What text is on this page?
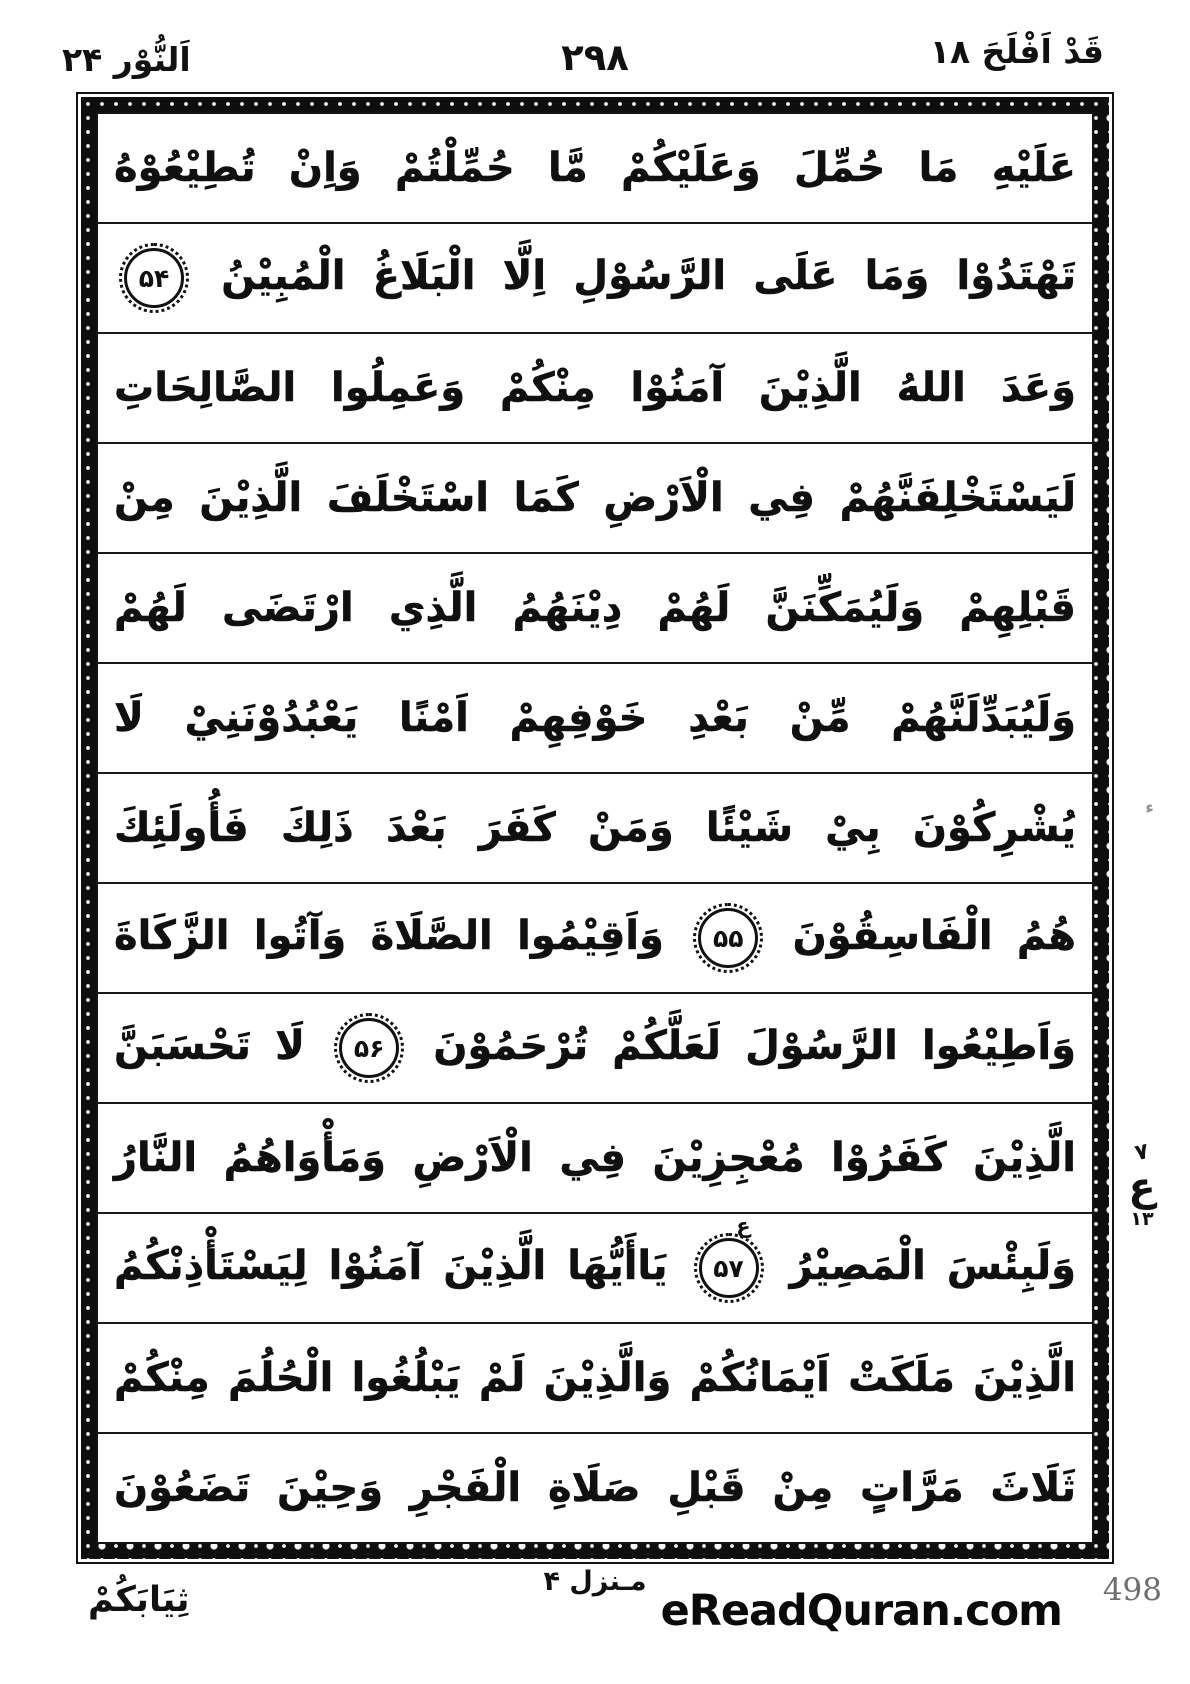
قَدْ اَفْلَحَ ١٨
۲۹۸
اَلنُّوْر ۲۴
عَلَيْهِ مَا حُمِّلَ وَعَلَيْكُمْ مَّا حُمِّلْتُمْ وَاِنْ تُطِيْعُوْهُ
تَهْتَدُوْا وَمَا عَلَى الرَّسُوْلِ اِلَّا الْبَلَاغُ الْمُبِيْنُ ۵۴
وَعَدَ اللهُ الَّذِيْنَ آمَنُوْا مِنْكُمْ وَعَمِلُوا الصَّالِحَاتِ
لَيَسْتَخْلِفَنَّهُمْ فِي الْاَرْضِ كَمَا اسْتَخْلَفَ الَّذِيْنَ مِنْ
قَبْلِهِمْ وَلَيُمَكِّنَنَّ لَهُمْ دِيْنَهُمُ الَّذِي ارْتَضَى لَهُمْ
وَلَيُبَدِّلَنَّهُمْ مِّنْ بَعْدِ خَوْفِهِمْ اَمْنًا يَعْبُدُوْنَنِيْ لَا
يُشْرِكُوْنَ بِيْ شَيْئًا وَمَنْ كَفَرَ بَعْدَ ذَلِكَ فَأُولَئِكَ
هُمُ الْفَاسِقُوْنَ ۵۵ وَاَقِيْمُوا الصَّلَاةَ وَآتُوا الزَّكَاةَ
وَاَطِيْعُوا الرَّسُوْلَ لَعَلَّكُمْ تُرْحَمُوْنَ ۵۶ لَا تَحْسَبَنَّ
الَّذِيْنَ كَفَرُوْا مُعْجِزِيْنَ فِي الْاَرْضِ وَمَأْوَاهُمُ النَّارُ
وَلَبِئْسَ الْمَصِيْرُ
ع
۵۷ يَاأَيُّهَا الَّذِيْنَ آمَنُوْا لِيَسْتَأْذِنْكُمُ
الَّذِيْنَ مَلَكَتْ اَيْمَانُكُمْ وَالَّذِيْنَ لَمْ يَبْلُغُوا الْحُلُمَ مِنْكُمْ
ثَلَاثَ مَرَّاتٍ مِنْ قَبْلِ صَلَاةِ الْفَجْرِ وَحِيْنَ تَضَعُوْنَ
۷
ع
۱۳
ء
مـنزل ۴
ثِيَابَكُمْ	eReadQuran.com 498
